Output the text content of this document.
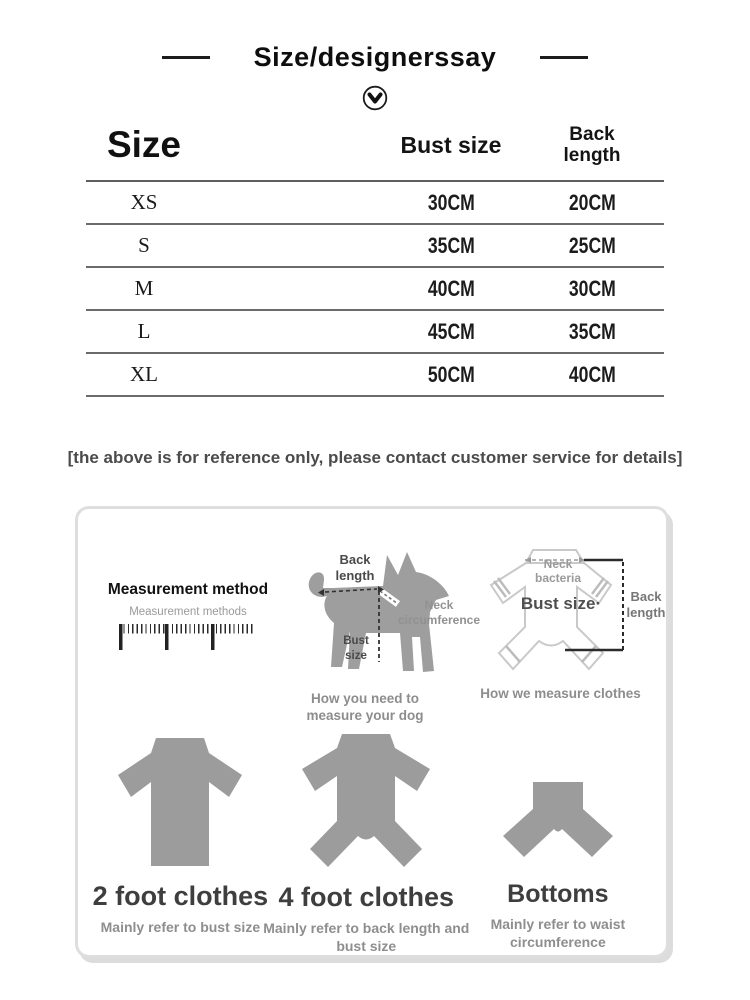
Size/designerssay
Size	Bust size	Back length
XS	30CM	20CM
S	35CM	25CM
M	40CM	30CM
L	45CM	35CM
XL	50CM	40CM
[the above is for reference only, please contact customer service for details]
Measurement method
Measurement methods
Back length
Neck circumference
Bust size
How you need to measure your dog
Neck bacteria
Bust size·	Back length
How we measure clothes
2 foot clothes
Mainly refer to bust size
4 foot clothes
Mainly refer to back length and bust size
Bottoms
Mainly refer to waist circumference
